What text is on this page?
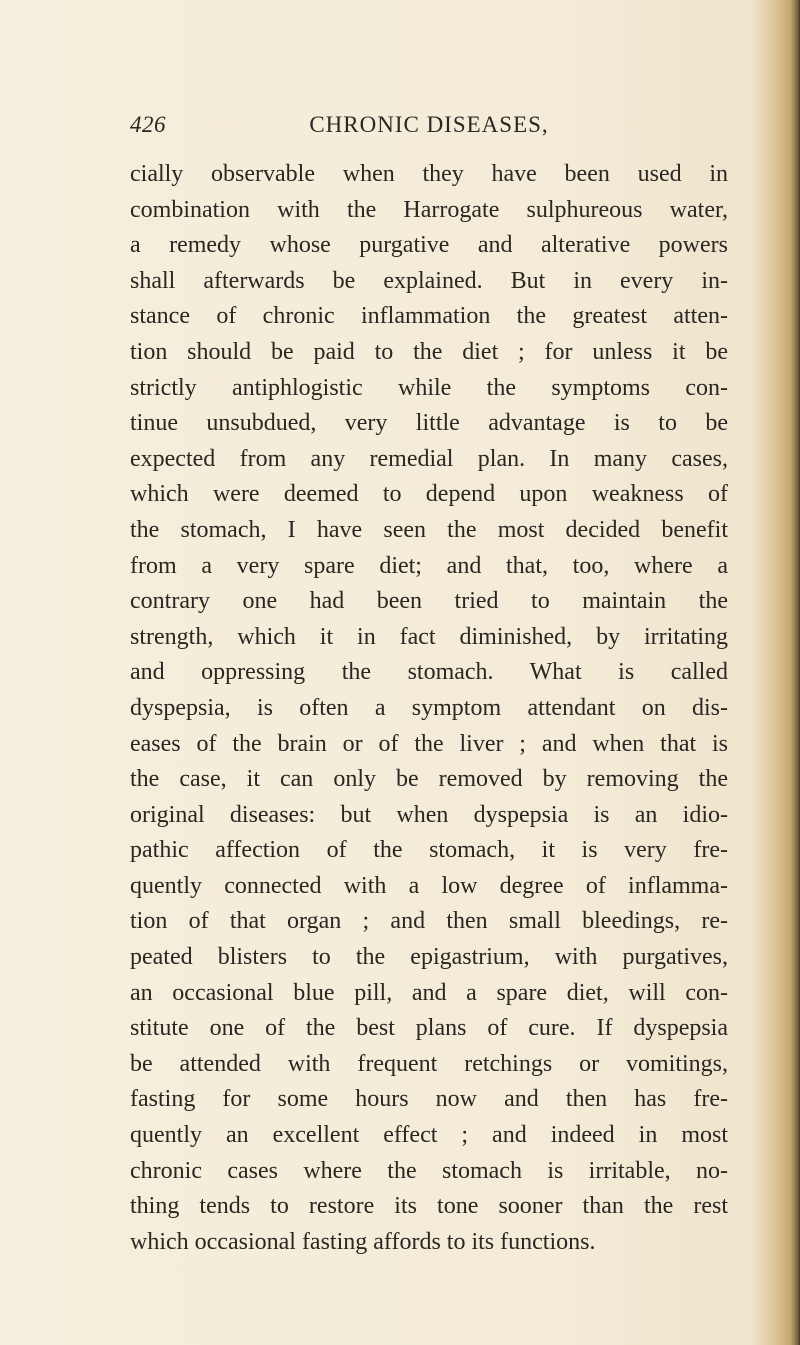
426	CHRONIC DISEASES,
cially observable when they have been used in
combination with the Harrogate sulphureous water,
a remedy whose purgative and alterative powers
shall afterwards be explained. But in every in-
stance of chronic inflammation the greatest atten-
tion should be paid to the diet ; for unless it be
strictly antiphlogistic while the symptoms con-
tinue unsubdued, very little advantage is to be
expected from any remedial plan. In many cases,
which were deemed to depend upon weakness of
the stomach, I have seen the most decided benefit
from a very spare diet; and that, too, where a
contrary one had been tried to maintain the
strength, which it in fact diminished, by irritating
and oppressing the stomach. What is called
dyspepsia, is often a symptom attendant on dis-
eases of the brain or of the liver ; and when that is
the case, it can only be removed by removing the
original diseases: but when dyspepsia is an idio-
pathic affection of the stomach, it is very fre-
quently connected with a low degree of inflamma-
tion of that organ ; and then small bleedings, re-
peated blisters to the epigastrium, with purgatives,
an occasional blue pill, and a spare diet, will con-
stitute one of the best plans of cure. If dyspepsia
be attended with frequent retchings or vomitings,
fasting for some hours now and then has fre-
quently an excellent effect ; and indeed in most
chronic cases where the stomach is irritable, no-
thing tends to restore its tone sooner than the rest
which occasional fasting affords to its functions.
